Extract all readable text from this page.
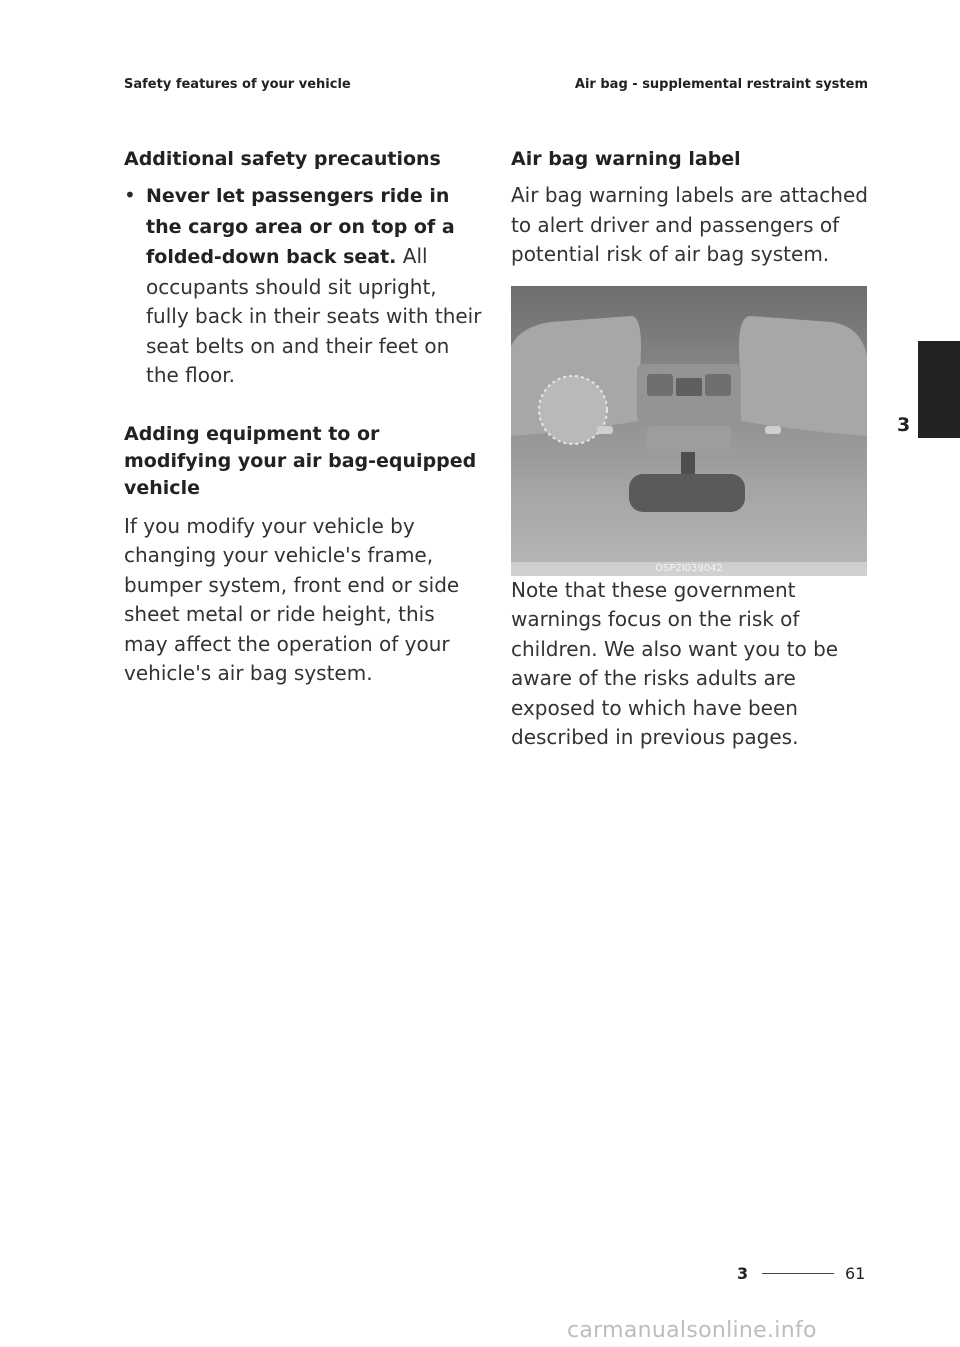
Safety features of your vehicle	Air bag - supplemental restraint system
Additional safety precautions
• Never let passengers ride in the cargo area or on top of a folded-down back seat. All occupants should sit upright, fully back in their seats with their seat belts on and their feet on the floor.
Adding equipment to or modifying your air bag-equipped vehicle

If you modify your vehicle by changing your vehicle's frame, bumper system, front end or side sheet metal or ride height, this may affect the operation of your vehicle's air bag system.

Air bag warning label

Air bag warning labels are attached to alert driver and passengers of potential risk of air bag system.

OSP2I039042

Note that these government warnings focus on the risk of children. We also want you to be aware of the risks adults are exposed to which have been described in previous pages.

3
3	61
carmanualsonline.info
